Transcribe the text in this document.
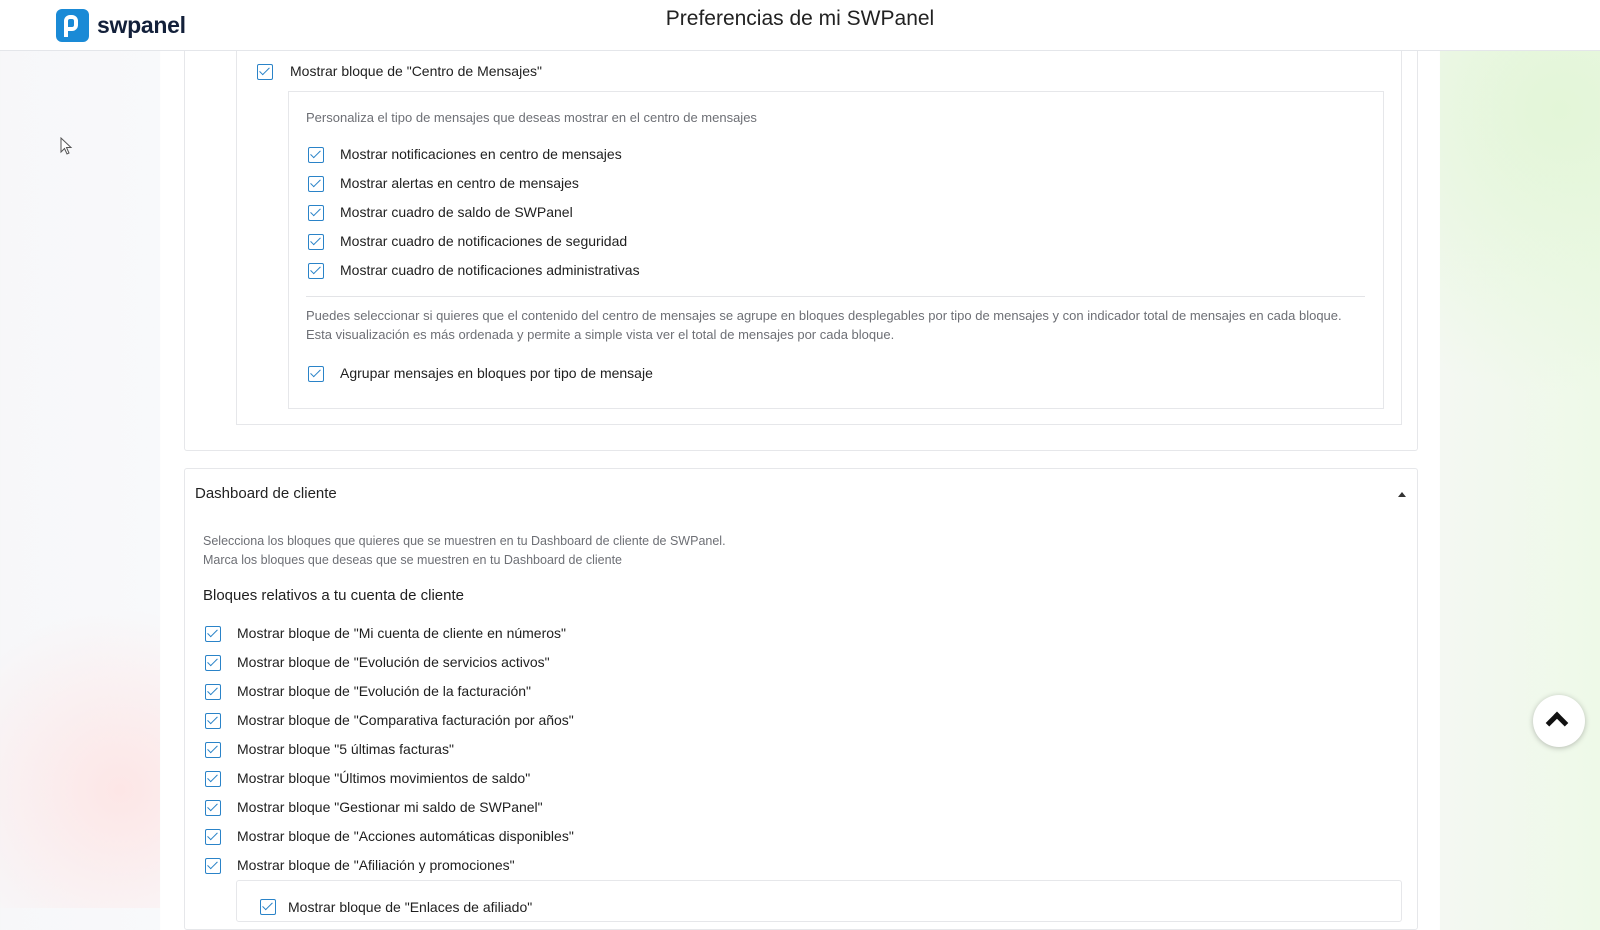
swpanel	Preferencias de mi SWPanel
Mostrar bloque de "Centro de Mensajes"
Personaliza el tipo de mensajes que deseas mostrar en el centro de mensajes
Mostrar notificaciones en centro de mensajes
Mostrar alertas en centro de mensajes
Mostrar cuadro de saldo de SWPanel
Mostrar cuadro de notificaciones de seguridad
Mostrar cuadro de notificaciones administrativas
Puedes seleccionar si quieres que el contenido del centro de mensajes se agrupe en bloques desplegables por tipo de mensajes y con indicador total de mensajes en cada bloque.
Esta visualización es más ordenada y permite a simple vista ver el total de mensajes por cada bloque.
Agrupar mensajes en bloques por tipo de mensaje
Dashboard de cliente
Selecciona los bloques que quieres que se muestren en tu Dashboard de cliente de SWPanel.
Marca los bloques que deseas que se muestren en tu Dashboard de cliente
Bloques relativos a tu cuenta de cliente
Mostrar bloque de "Mi cuenta de cliente en números"
Mostrar bloque de "Evolución de servicios activos"
Mostrar bloque de "Evolución de la facturación"
Mostrar bloque de "Comparativa facturación por años"
Mostrar bloque "5 últimas facturas"
Mostrar bloque "Últimos movimientos de saldo"
Mostrar bloque "Gestionar mi saldo de SWPanel"
Mostrar bloque de "Acciones automáticas disponibles"
Mostrar bloque de "Afiliación y promociones"
Mostrar bloque de "Enlaces de afiliado"
